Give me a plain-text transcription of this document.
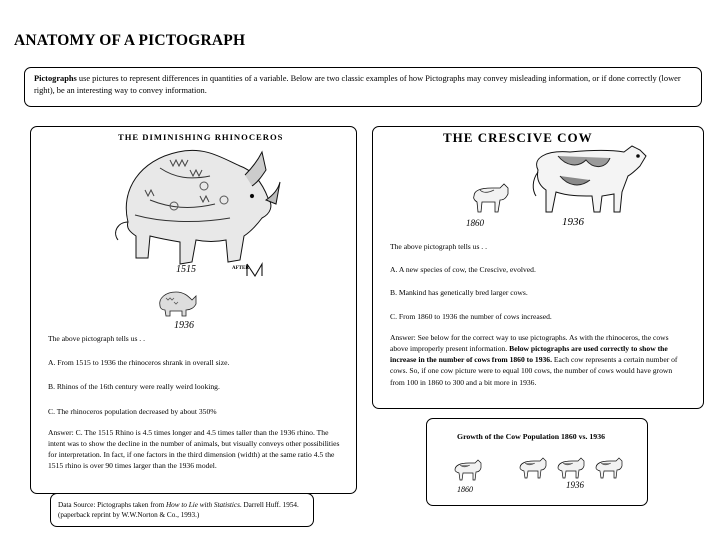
ANATOMY OF A PICTOGRAPH

Pictographs use pictures to represent differences in quantities of a variable. Below are two classic examples of how Pictographs may convey misleading information, or if done correctly (lower right), be an interesting way to convey information.

THE DIMINISHING RHINOCEROS
1515	AFTER
1936

The above pictograph tells us . .

A. From 1515 to 1936 the rhinoceros shrank in overall size.

B. Rhinos of the 16th century were really weird looking.

C. The rhinoceros population decreased by about 350%

Answer: C. The 1515 Rhino is 4.5 times longer and 4.5 times taller than the 1936 rhino. The intent was to show the decline in the number of animals, but visually conveys other possibilities for interpretation. In fact, if one factors in the third dimension (width) at the same ratio 4.5 the 1515 rhino is over 90 times larger than the 1936 model.

THE CRESCIVE COW
1860	1936

The above pictograph tells us . .

A. A new species of cow, the Crescive, evolved.

B. Mankind has genetically bred larger cows.

C. From 1860 to 1936 the number of cows increased.

Answer: See below for the correct way to use pictographs. As with the rhinoceros, the cows above improperly present information. Below pictographs are used correctly to show the increase in the number of cows from 1860 to 1936. Each cow represents a certain number of cows. So, if one cow picture were to equal 100 cows, the number of cows would have grown from 100 in 1860 to 300 and a bit more in 1936.

Growth of the Cow Population 1860 vs. 1936
1860	1936
Data Source: Pictographs taken from How to Lie with Statistics. Darrell Huff. 1954. (paperback reprint by W.W.Norton & Co., 1993.)
